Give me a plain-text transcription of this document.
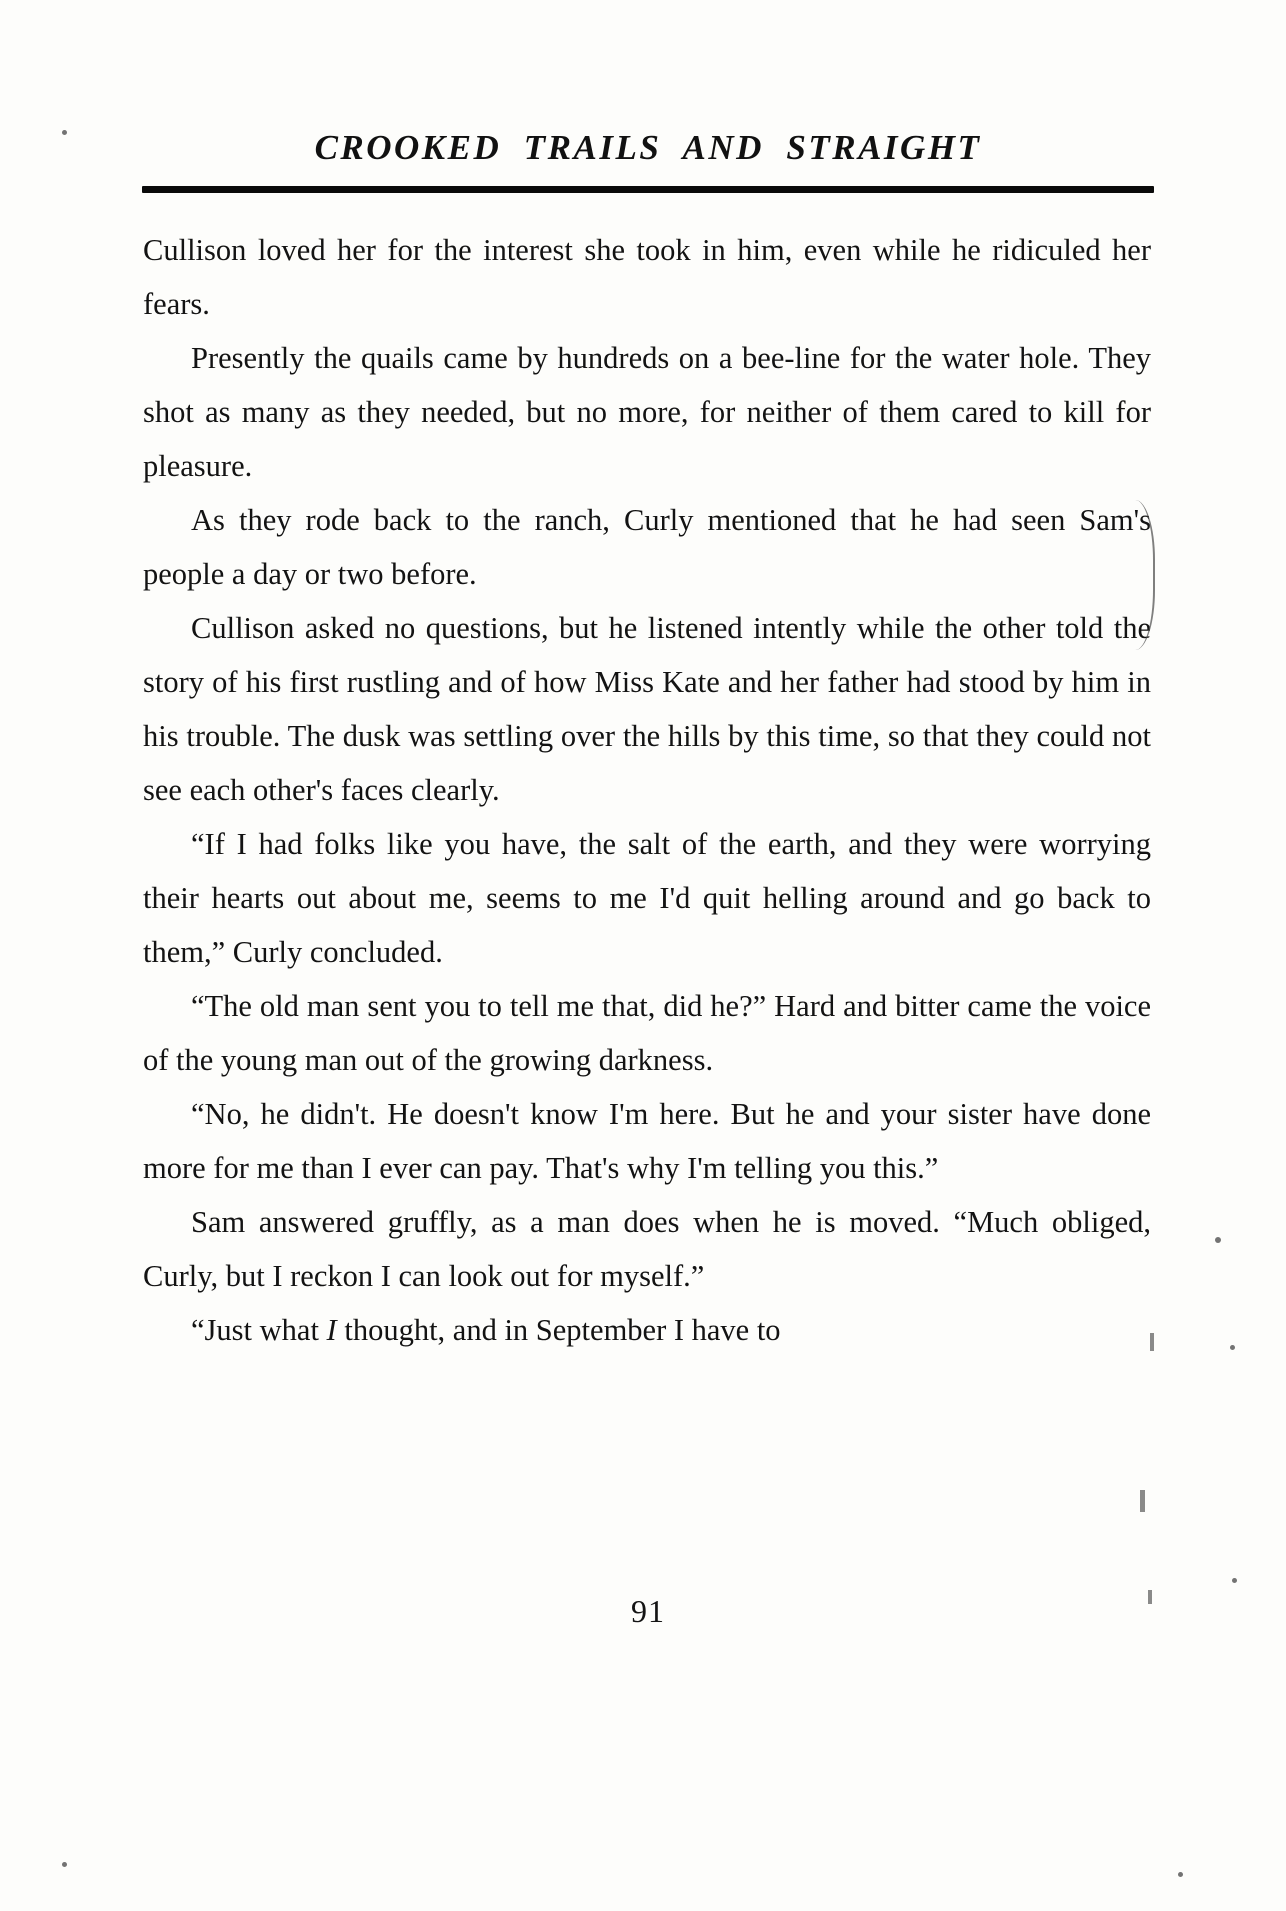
CROOKED  TRAILS  AND  STRAIGHT

Cullison loved her for the interest she took in him, even while he ridiculed her fears.

Presently the quails came by hundreds on a bee-line for the water hole. They shot as many as they needed, but no more, for neither of them cared to kill for pleasure.

As they rode back to the ranch, Curly mentioned that he had seen Sam's people a day or two before.

Cullison asked no questions, but he listened intently while the other told the story of his first rustling and of how Miss Kate and her father had stood by him in his trouble. The dusk was settling over the hills by this time, so that they could not see each other's faces clearly.

“If I had folks like you have, the salt of the earth, and they were worrying their hearts out about me, seems to me I'd quit helling around and go back to them,” Curly concluded.

“The old man sent you to tell me that, did he?” Hard and bitter came the voice of the young man out of the growing darkness.

“No, he didn't. He doesn't know I'm here. But he and your sister have done more for me than I ever can pay. That's why I'm telling you this.”

Sam answered gruffly, as a man does when he is moved. “Much obliged, Curly, but I reckon I can look out for myself.”

“Just what I thought, and in September I have to

91
